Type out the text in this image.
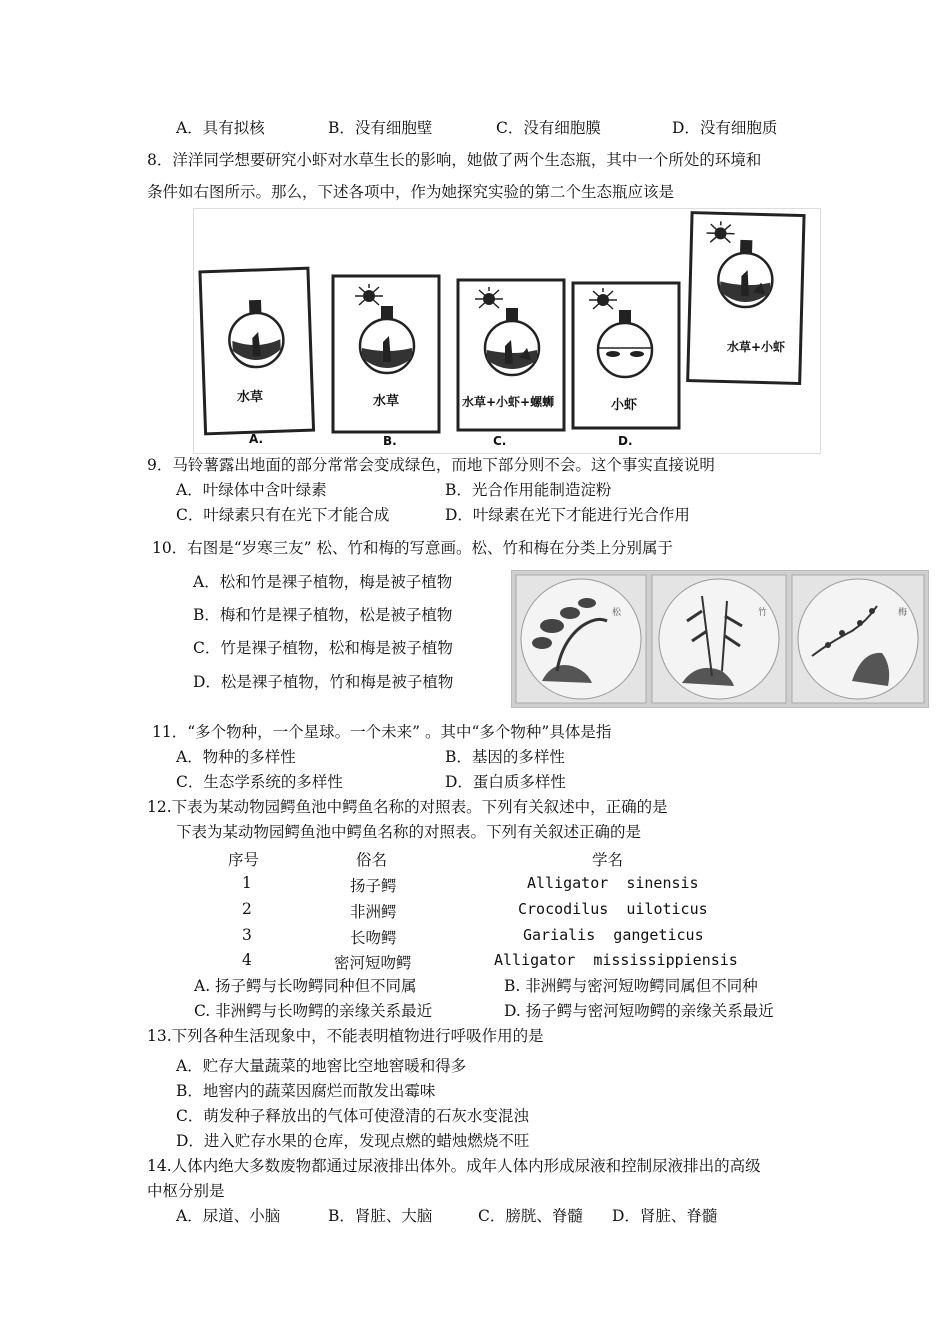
A．具有拟核	B．没有细胞壁	C．没有细胞膜	D．没有细胞质
8．洋洋同学想要研究小虾对水草生长的影响，她做了两个生态瓶，其中一个所处的环境和
条件如右图所示。那么，下述各项中，作为她探究实验的第二个生态瓶应该是
水草	水草	水草+小虾+螺蛳	小虾
水草+小虾
A.	B.	C.	D.
9．马铃薯露出地面的部分常常会变成绿色，而地下部分则不会。这个事实直接说明
A．叶绿体中含叶绿素	B．光合作用能制造淀粉
C．叶绿素只有在光下才能合成	D．叶绿素在光下才能进行光合作用
10．右图是“岁寒三友” 松、竹和梅的写意画。松、竹和梅在分类上分别属于
A．松和竹是裸子植物，梅是被子植物
B．梅和竹是裸子植物，松是被子植物
C．竹是裸子植物，松和梅是被子植物
D．松是裸子植物，竹和梅是被子植物
松	竹	梅
11．“多个物种，一个星球。一个未来” 。其中“多个物种”具体是指
A．物种的多样性	B．基因的多样性
C．生态学系统的多样性	D．蛋白质多样性
12.下表为某动物园鳄鱼池中鳄鱼名称的对照表。下列有关叙述中，正确的是
下表为某动物园鳄鱼池中鳄鱼名称的对照表。下列有关叙述正确的是
序号	俗名	学名
1	扬子鳄	Alligator  sinensis
2	非洲鳄	Crocodilus  uiloticus
3	长吻鳄	Garialis  gangeticus
4	密河短吻鳄	Alligator  mississippiensis
A. 扬子鳄与长吻鳄同种但不同属	B. 非洲鳄与密河短吻鳄同属但不同种
C. 非洲鳄与长吻鳄的亲缘关系最近	D. 扬子鳄与密河短吻鳄的亲缘关系最近
13.下列各种生活现象中，不能表明植物进行呼吸作用的是
A．贮存大量蔬菜的地窖比空地窖暖和得多
B．地窖内的蔬菜因腐烂而散发出霉味
C．萌发种子释放出的气体可使澄清的石灰水变混浊
D．进入贮存水果的仓库，发现点燃的蜡烛燃烧不旺
14.人体内绝大多数废物都通过尿液排出体外。成年人体内形成尿液和控制尿液排出的高级
中枢分别是
A．尿道、小脑	B．肾脏、大脑	C．膀胱、脊髓 D．肾脏、脊髓
